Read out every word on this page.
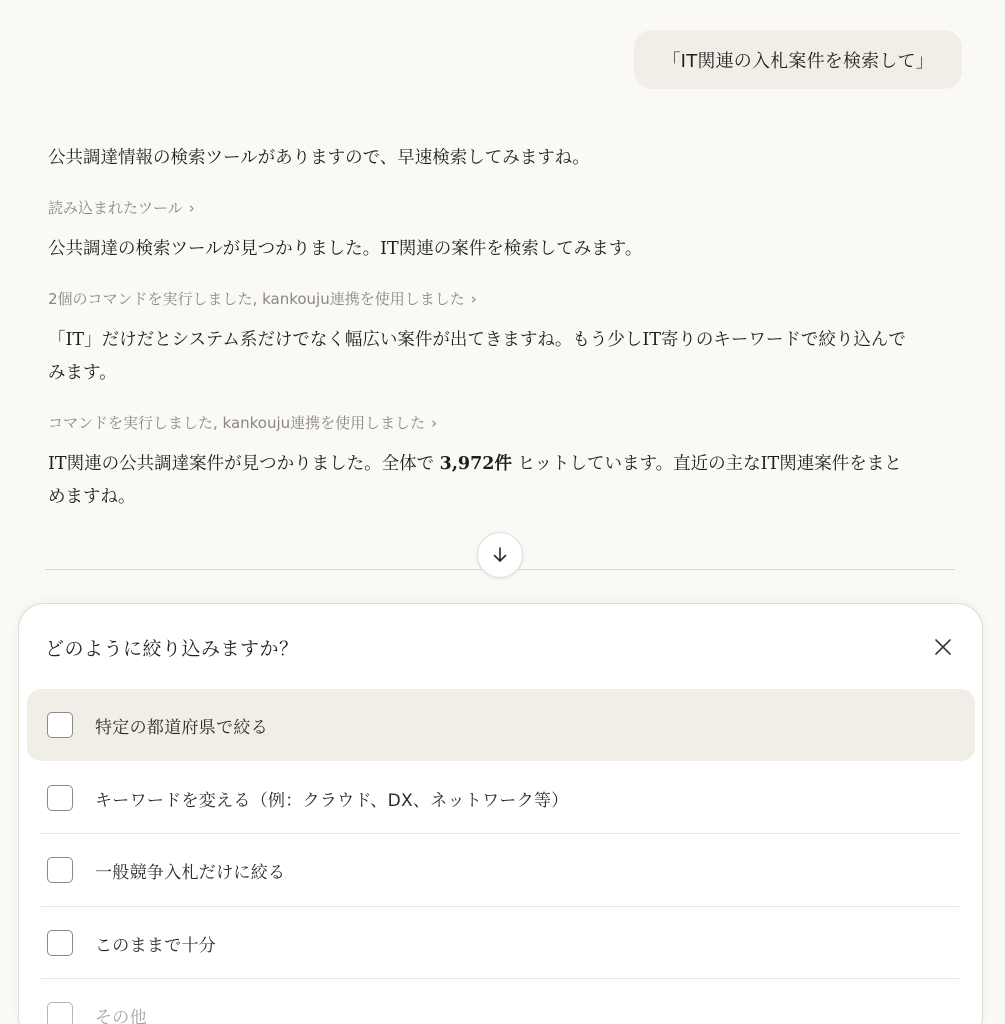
「IT関連の入札案件を検索して」
公共調達情報の検索ツールがありますので、早速検索してみますね。
読み込まれたツール ›
公共調達の検索ツールが見つかりました。IT関連の案件を検索してみます。
2個のコマンドを実行しました, kankouju連携を使用しました ›
「IT」だけだとシステム系だけでなく幅広い案件が出てきますね。もう少しIT寄りのキーワードで絞り込んでみます。
コマンドを実行しました, kankouju連携を使用しました ›
IT関連の公共調達案件が見つかりました。全体で 3,972件 ヒットしています。直近の主なIT関連案件をまとめますね。
どのように絞り込みますか？
特定の都道府県で絞る
キーワードを変える（例：クラウド、DX、ネットワーク等）
一般競争入札だけに絞る
このままで十分
その他
